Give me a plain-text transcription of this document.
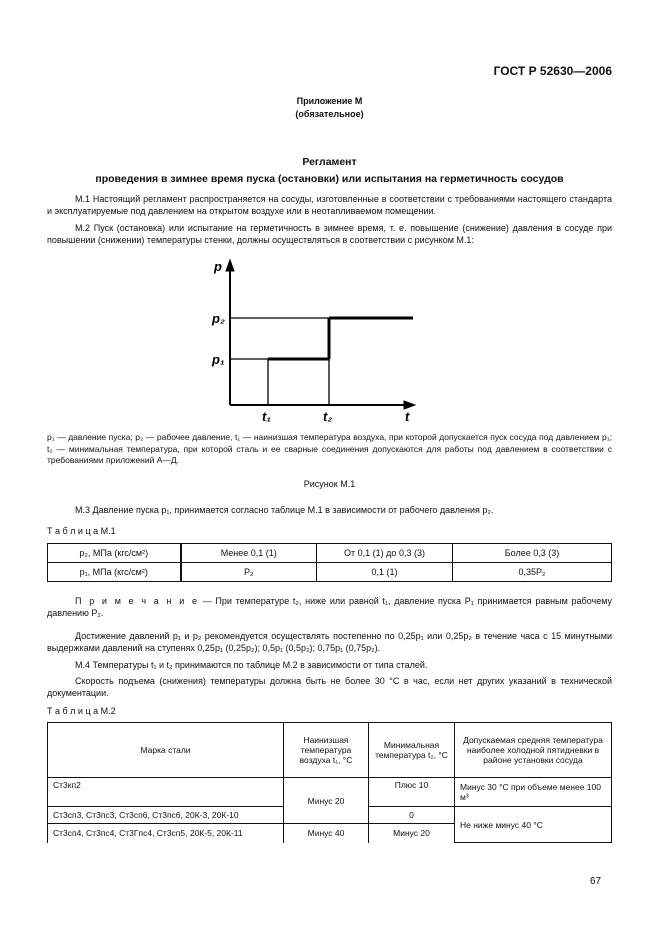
ГОСТ Р 52630—2006
Приложение М
(обязательное)
Регламент
проведения в зимнее время пуска (остановки) или испытания на герметичность сосудов
М.1 Настоящий регламент распространяется на сосуды, изготовленные в соответствии с требованиями настоящего стандарта и эксплуатируемые под давлением на открытом воздухе или в неотапливаемом помещении.
М.2 Пуск (остановка) или испытание на герметичность в зимнее время, т. е. повышение (снижение) давления в сосуде при повышении (снижении) температуры стенки, должны осуществляться в соответствии с рисунком М.1:
p
p₂
p₁
t₁	t₂	t
p₁ — давление пуска; p₂ — рабочее давление, t₁ — наинизшая температура воздуха, при которой допускается пуск сосуда под давлением p₁; t₂ — минимальная температура, при которой сталь и ее сварные соединения допускаются для работы под давлением в соответствии с требованиями приложений А—Д.
Рисунок М.1
М.3 Давление пуска p₁, принимается согласно таблице М.1 в зависимости от рабочего давления p₂.
Т а б л и ц а М.1
p₂, МПа (кгс/см²)	Менее 0,1 (1)	От 0,1 (1) до 0,3 (3)	Более 0,3 (3)
p₁, МПа (кгс/см²)	P₂	0,1 (1)	0,35P₂
П р и м е ч а н и е — При температуре t₂, ниже или равной t₁, давление пуска P₁ принимается равным рабочему давлению P₂.
Достижение давлений p₁ и p₂ рекомендуется осуществлять постепенно по 0,25p₁ или 0,25p₂ в течение часа с 15 минутными выдержками давлений на ступенях 0,25p₁ (0,25p₂); 0,5p₁ (0,5p₂); 0,75p₁ (0,75p₂).
М.4 Температуры t₁ и t₂ принимаются по таблице М.2 в зависимости от типа сталей.
Скорость подъема (снижения) температуры должна быть не более 30 °С в час, если нет других указаний в технической документации.
Т а б л и ц а М.2
Марка стали	Наинизшая температура воздуха t₁, °С	Минимальная температура t₂, °С	Допускаемая средняя температура наиболее холодной пятидневки в районе установки сосуда
Ст3кп2	Минус 20	Плюс 10	Минус 30 °С при объеме менее 100 м³
Ст3сп3, Ст3пс3, Ст3сп6, Ст3пс6, 20К-3, 20К-10		0	Не ниже минус 40 °С
Ст3сп4, Ст3пс4, Ст3Гпс4, Ст3сп5, 20К-5, 20К-11	Минус 40	Минус 20	
67
